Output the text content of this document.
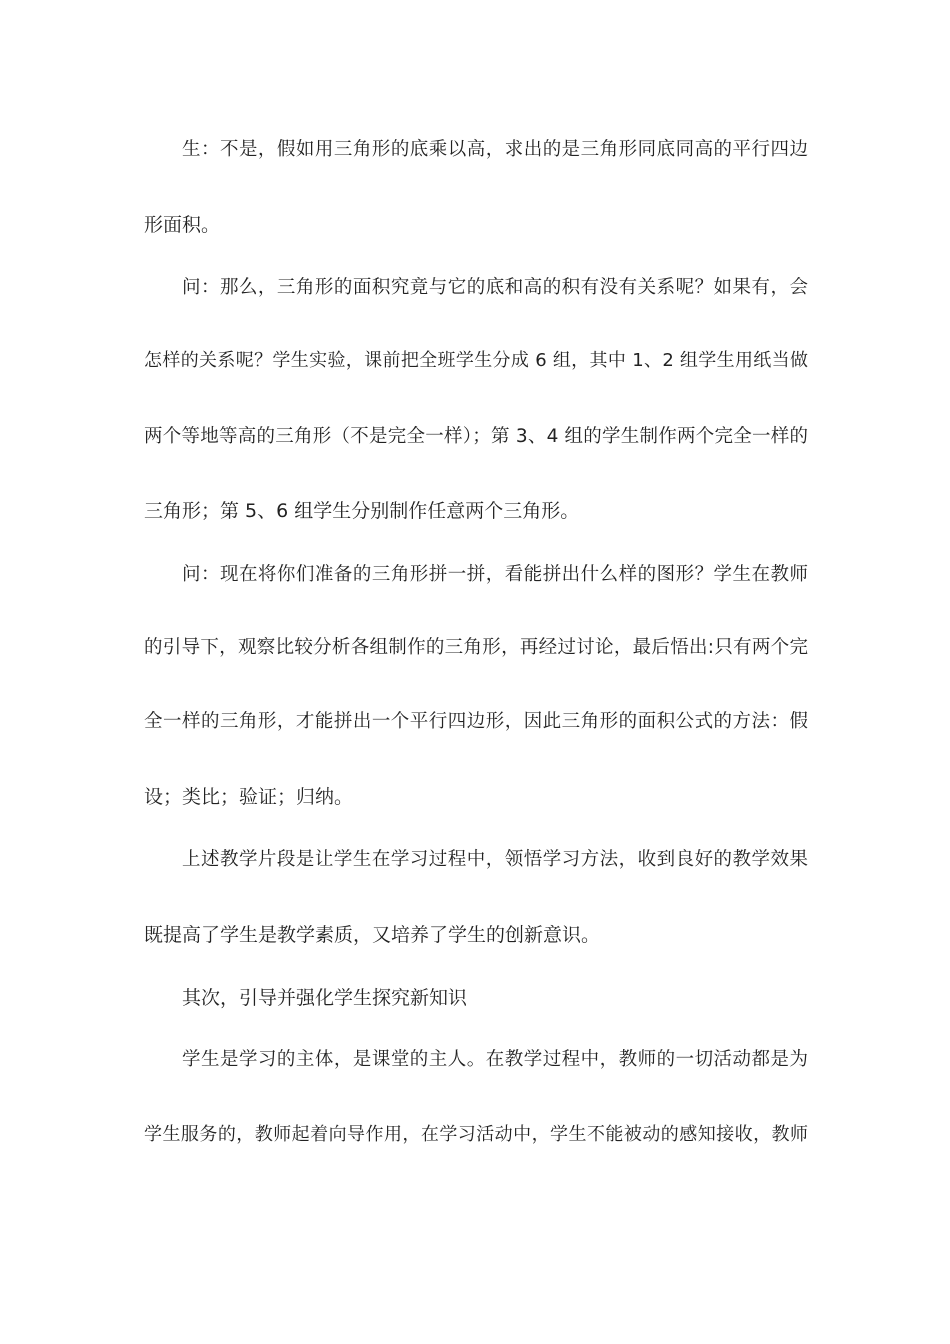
生：不是，假如用三角形的底乘以高，求出的是三角形同底同高的平行四边
形面积。
问：那么，三角形的面积究竟与它的底和高的积有没有关系呢？如果有，会
怎样的关系呢？学生实验，课前把全班学生分成 6 组，其中 1、2 组学生用纸当做
两个等地等高的三角形（不是完全一样）；第 3、4 组的学生制作两个完全一样的
三角形；第 5、6 组学生分别制作任意两个三角形。
问：现在将你们准备的三角形拼一拼，看能拼出什么样的图形？学生在教师
的引导下，观察比较分析各组制作的三角形，再经过讨论，最后悟出:只有两个完
全一样的三角形，才能拼出一个平行四边形，因此三角形的面积公式的方法：假
设；类比；验证；归纳。
上述教学片段是让学生在学习过程中，领悟学习方法，收到良好的教学效果
既提高了学生是教学素质，又培养了学生的创新意识。
其次，引导并强化学生探究新知识
学生是学习的主体，是课堂的主人。在教学过程中，教师的一切活动都是为
学生服务的，教师起着向导作用，在学习活动中，学生不能被动的感知接收，教师
